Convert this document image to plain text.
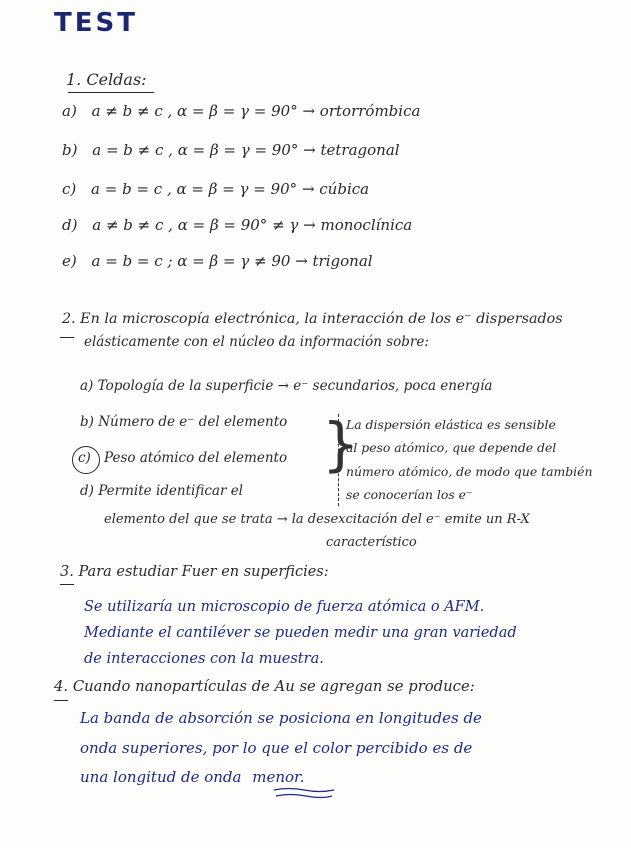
TEST
1. Celdas:
a) a ≠ b ≠ c , α = β = γ = 90° → ortorrómbica
b) a = b ≠ c , α = β = γ = 90° → tetragonal
c) a = b = c , α = β = γ = 90° → cúbica
d) a ≠ b ≠ c , α = β = 90° ≠ γ → monoclínica
e) a = b = c ; α = β = γ ≠ 90 → trigonal
2. En la microscopía electrónica, la interacción de los e⁻ dispersados
elásticamente con el núcleo da información sobre:
a) Topología de la superficie → e⁻ secundarios, poca energía
b) Número de e⁻ del elemento
c) Peso atómico del elemento
d) Permite identificar el
elemento del que se trata → la desexcitación del e⁻ emite un R-X
característico
}
La dispersión elástica es sensible
al peso atómico, que depende del
número atómico, de modo que también
se conocerían los e⁻
3. Para estudiar Fuer en superficies:
Se utilizaría un microscopio de fuerza atómica o AFM.
Mediante el cantiléver se pueden medir una gran variedad
de interacciones con la muestra.
4. Cuando nanopartículas de Au se agregan se produce:
La banda de absorción se posiciona en longitudes de
onda superiores, por lo que el color percibido es de
una longitud de onda menor.
